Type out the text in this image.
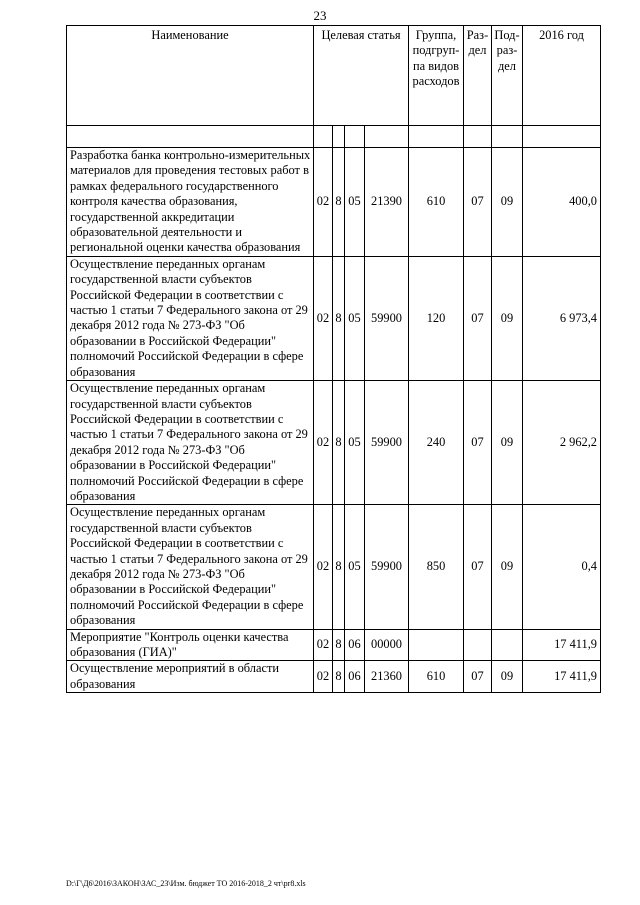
23
Наименование	Целевая статья				Группа, подгруп-па видов расходов	Раз-дел	Под-раз-дел	2016 год

Разработка банка контрольно-измерительных материалов для проведения тестовых работ в рамках федерального государственного контроля качества образования, государственной аккредитации образовательной деятельности и региональной оценки качества образования	02	8	05	21390	610	07	09	400,0
Осуществление переданных органам государственной власти субъектов Российской Федерации в соответствии с частью 1 статьи 7 Федерального закона от 29 декабря 2012 года № 273-ФЗ "Об образовании в Российской Федерации" полномочий Российской Федерации в сфере образования	02	8	05	59900	120	07	09	6 973,4
Осуществление переданных органам государственной власти субъектов Российской Федерации в соответствии с частью 1 статьи 7 Федерального закона от 29 декабря 2012 года № 273-ФЗ "Об образовании в Российской Федерации" полномочий Российской Федерации в сфере образования	02	8	05	59900	240	07	09	2 962,2
Осуществление переданных органам государственной власти субъектов Российской Федерации в соответствии с частью 1 статьи 7 Федерального закона от 29 декабря 2012 года № 273-ФЗ "Об образовании в Российской Федерации" полномочий Российской Федерации в сфере образования	02	8	05	59900	850	07	09	0,4
Мероприятие "Контроль оценки качества образования (ГИА)"	02	8	06	00000				17 411,9
Осуществление мероприятий в области образования	02	8	06	21360	610	07	09	17 411,9
D:\Г\Д6\2016\ЗАКОН\ЗАС_23\Изм. бюджет ТО 2016-2018_2 чт\pr8.xls
